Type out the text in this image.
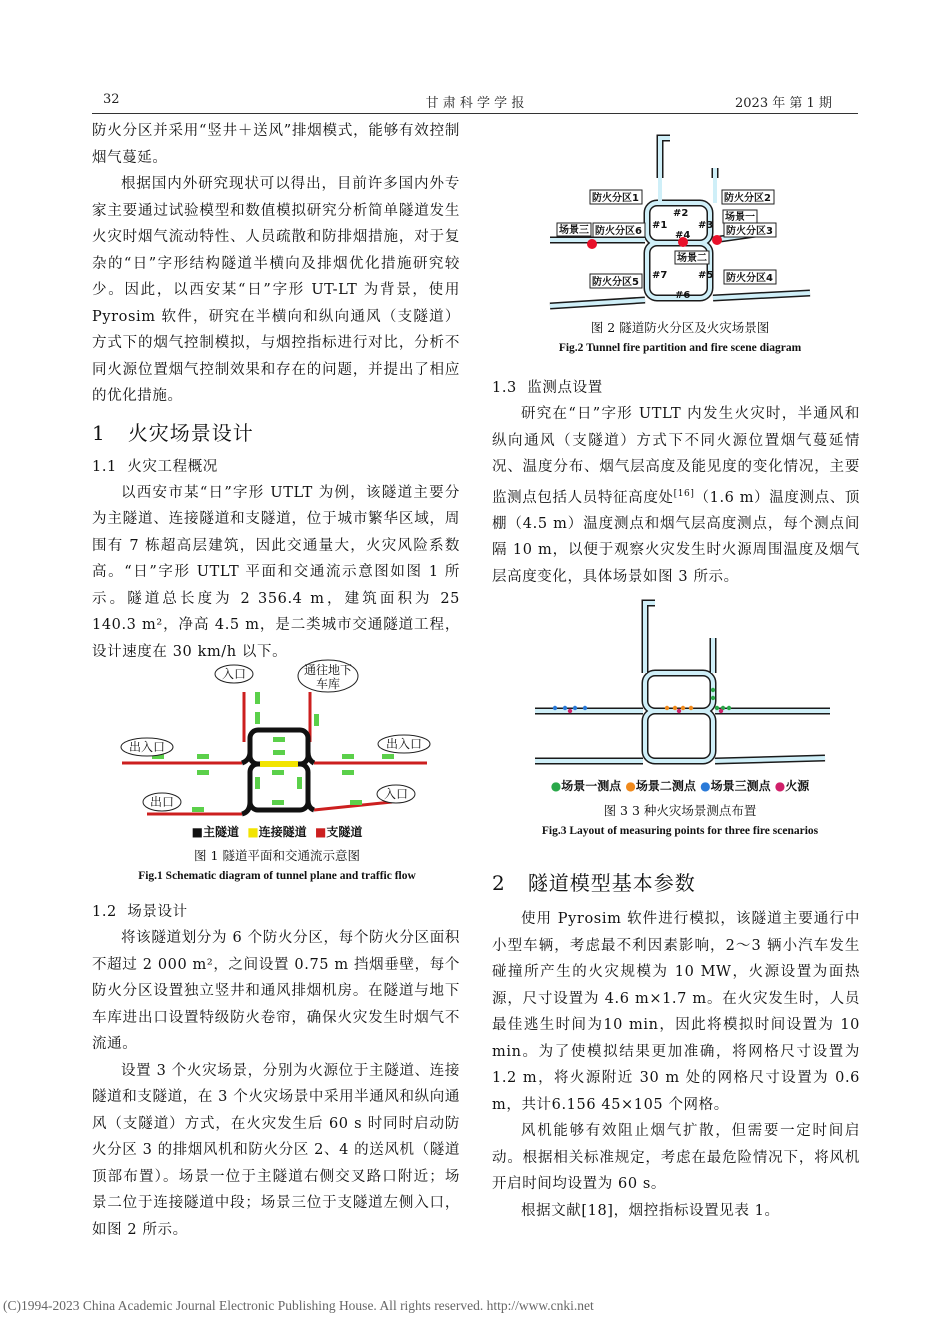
32	甘 肃 科 学 学 报	2023 年 第 1 期

防火分区并采用“竖井＋送风”排烟模式，能够有效控制烟气蔓延。

根据国内外研究现状可以得出，目前许多国内外专家主要通过试验模型和数值模拟研究分析简单隧道发生火灾时烟气流动特性、人员疏散和防排烟措施，对于复杂的“日”字形结构隧道半横向及排烟优化措施研究较少。因此，以西安某“日”字形 UT-LT 为背景，使用 Pyrosim 软件，研究在半横向和纵向通风（支隧道）方式下的烟气控制模拟，与烟控指标进行对比，分析不同火源位置烟气控制效果和存在的问题，并提出了相应的优化措施。

1 火灾场景设计
1.1 火灾工程概况

以西安市某“日”字形 UTLT 为例，该隧道主要分为主隧道、连接隧道和支隧道，位于城市繁华区域，周围有 7 栋超高层建筑，因此交通量大，火灾风险系数高。“日”字形 UTLT 平面和交通流示意图如图 1 所示。隧道总长度为 2 356.4 m，建筑面积为 25 140.3 m²，净高 4.5 m，是二类城市交通隧道工程，设计速度在 30 km/h 以下。

入口	通往地下
车库
出入口	出入口
出口
入口
■主隧道 ■连接隧道 ■支隧道
图 1 隧道平面和交通流示意图
Fig.1 Schematic diagram of tunnel plane and traffic flow
1.2 场景设计

将该隧道划分为 6 个防火分区，每个防火分区面积不超过 2 000 m²，之间设置 0.75 m 挡烟垂壁，每个防火分区设置独立竖井和通风排烟机房。在隧道与地下车库进出口设置特级防火卷帘，确保火灾发生时烟气不流通。

设置 3 个火灾场景，分别为火源位于主隧道、连接隧道和支隧道，在 3 个火灾场景中采用半通风和纵向通风（支隧道）方式，在火灾发生后 60 s 时同时启动防火分区 3 的排烟风机和防火分区 2、4 的送风机（隧道顶部布置）。场景一位于主隧道右侧交叉路口附近；场景二位于连接隧道中段；场景三位于支隧道左侧入口，如图 2 所示。

防火分区1	防火分区2
防火分区3
防火分区4
防火分区5
防火分区6
场景一
场景二
场景三	#1
#2
#3
#4
#5
#6
#7
图 2 隧道防火分区及火灾场景图
Fig.2 Tunnel fire partition and fire scene diagram
1.3 监测点设置

研究在“日”字形 UTLT 内发生火灾时，半通风和纵向通风（支隧道）方式下不同火源位置烟气蔓延情况、温度分布、烟气层高度及能见度的变化情况，主要监测点包括人员特征高度处[16]（1.6 m）温度测点、顶棚（4.5 m）温度测点和烟气层高度测点，每个测点间隔 10 m，以便于观察火灾发生时火源周围温度及烟气层高度变化，具体场景如图 3 所示。

●场景一测点 ●场景二测点 ●场景三测点 ●火源
图 3 3 种火灾场景测点布置
Fig.3 Layout of measuring points for three fire scenarios
2 隧道模型基本参数

使用 Pyrosim 软件进行模拟，该隧道主要通行中小型车辆，考虑最不利因素影响，2～3 辆小汽车发生碰撞所产生的火灾规模为 10 MW，火源设置为面热源，尺寸设置为 4.6 m×1.7 m。在火灾发生时，人员最佳逃生时间为10 min，因此将模拟时间设置为 10 min。为了使模拟结果更加准确，将网格尺寸设置为 1.2 m，将火源附近 30 m 处的网格尺寸设置为 0.6 m，共计6.156 45×105 个网格。

风机能够有效阻止烟气扩散，但需要一定时间启动。根据相关标准规定，考虑在最危险情况下，将风机开启时间均设置为 60 s。

根据文献[18]，烟控指标设置见表 1。

(C)1994-2023 China Academic Journal Electronic Publishing House. All rights reserved. http://www.cnki.net
